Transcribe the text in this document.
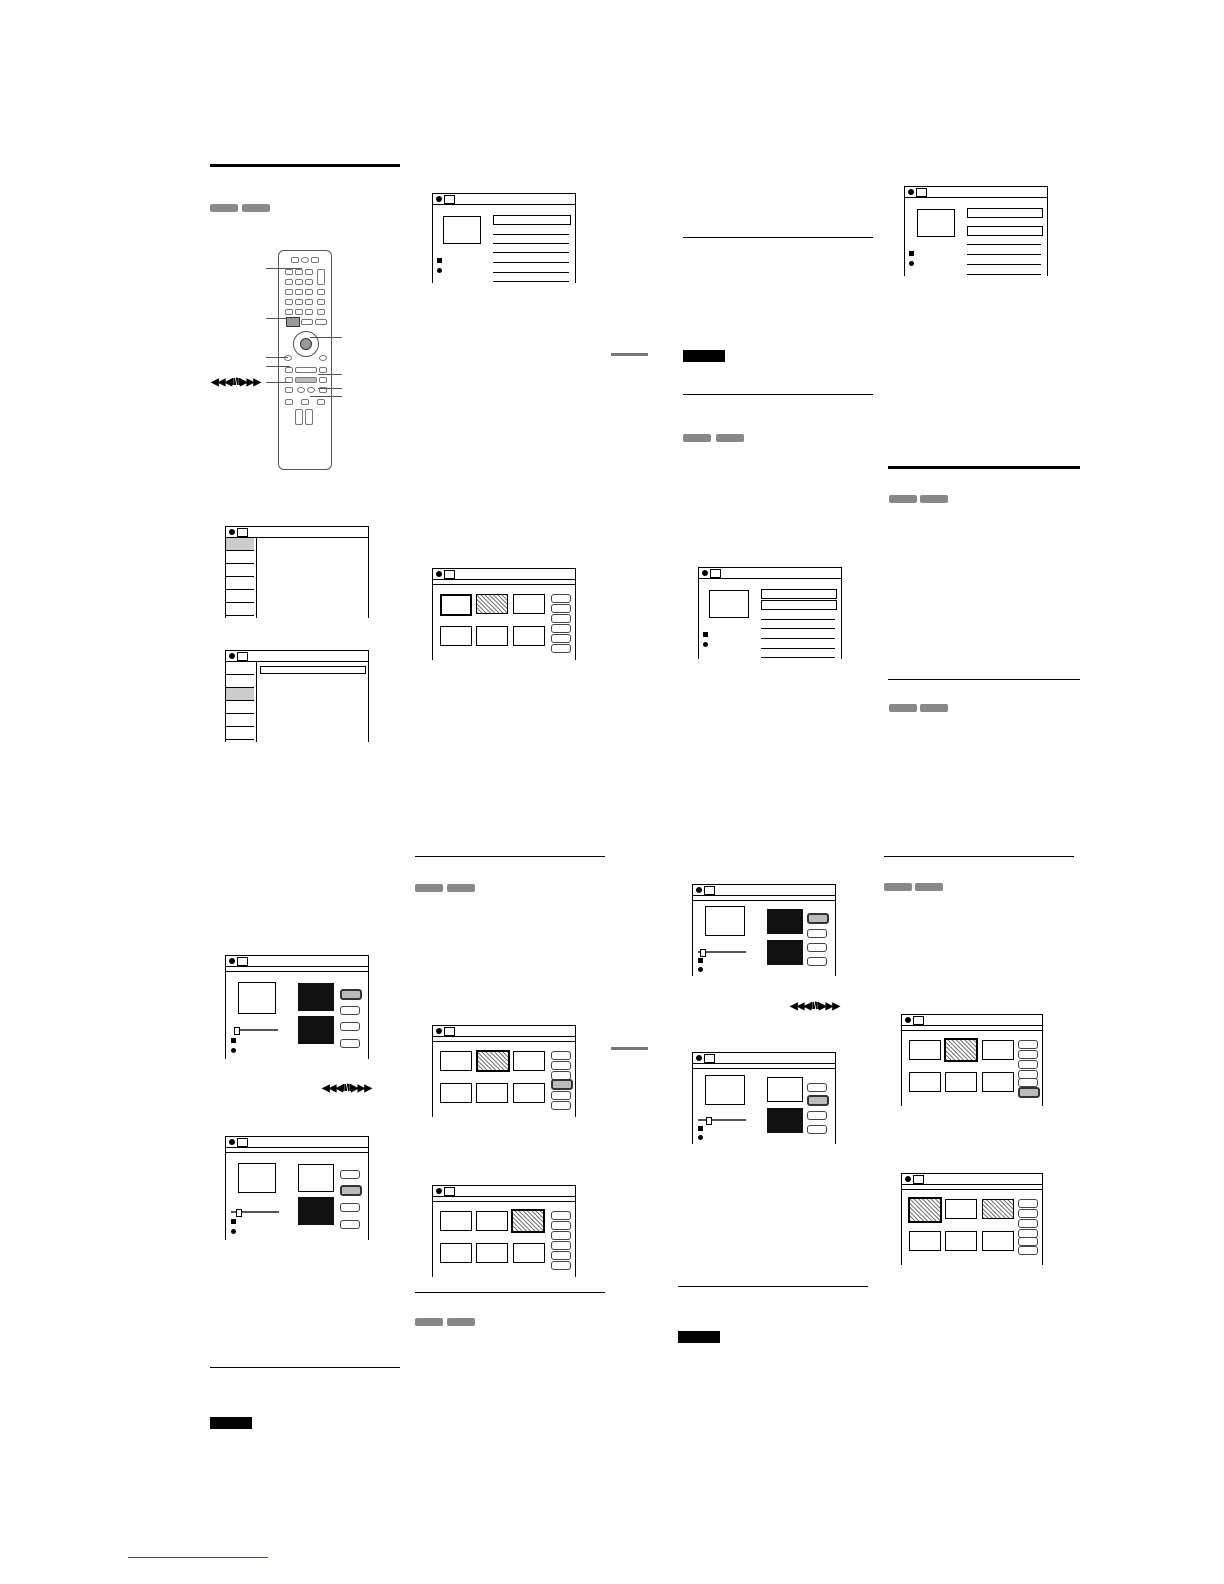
◀◀◀II/II▶▶▶
◀◀◀II/II▶▶▶
◀◀◀II/II▶▶▶
